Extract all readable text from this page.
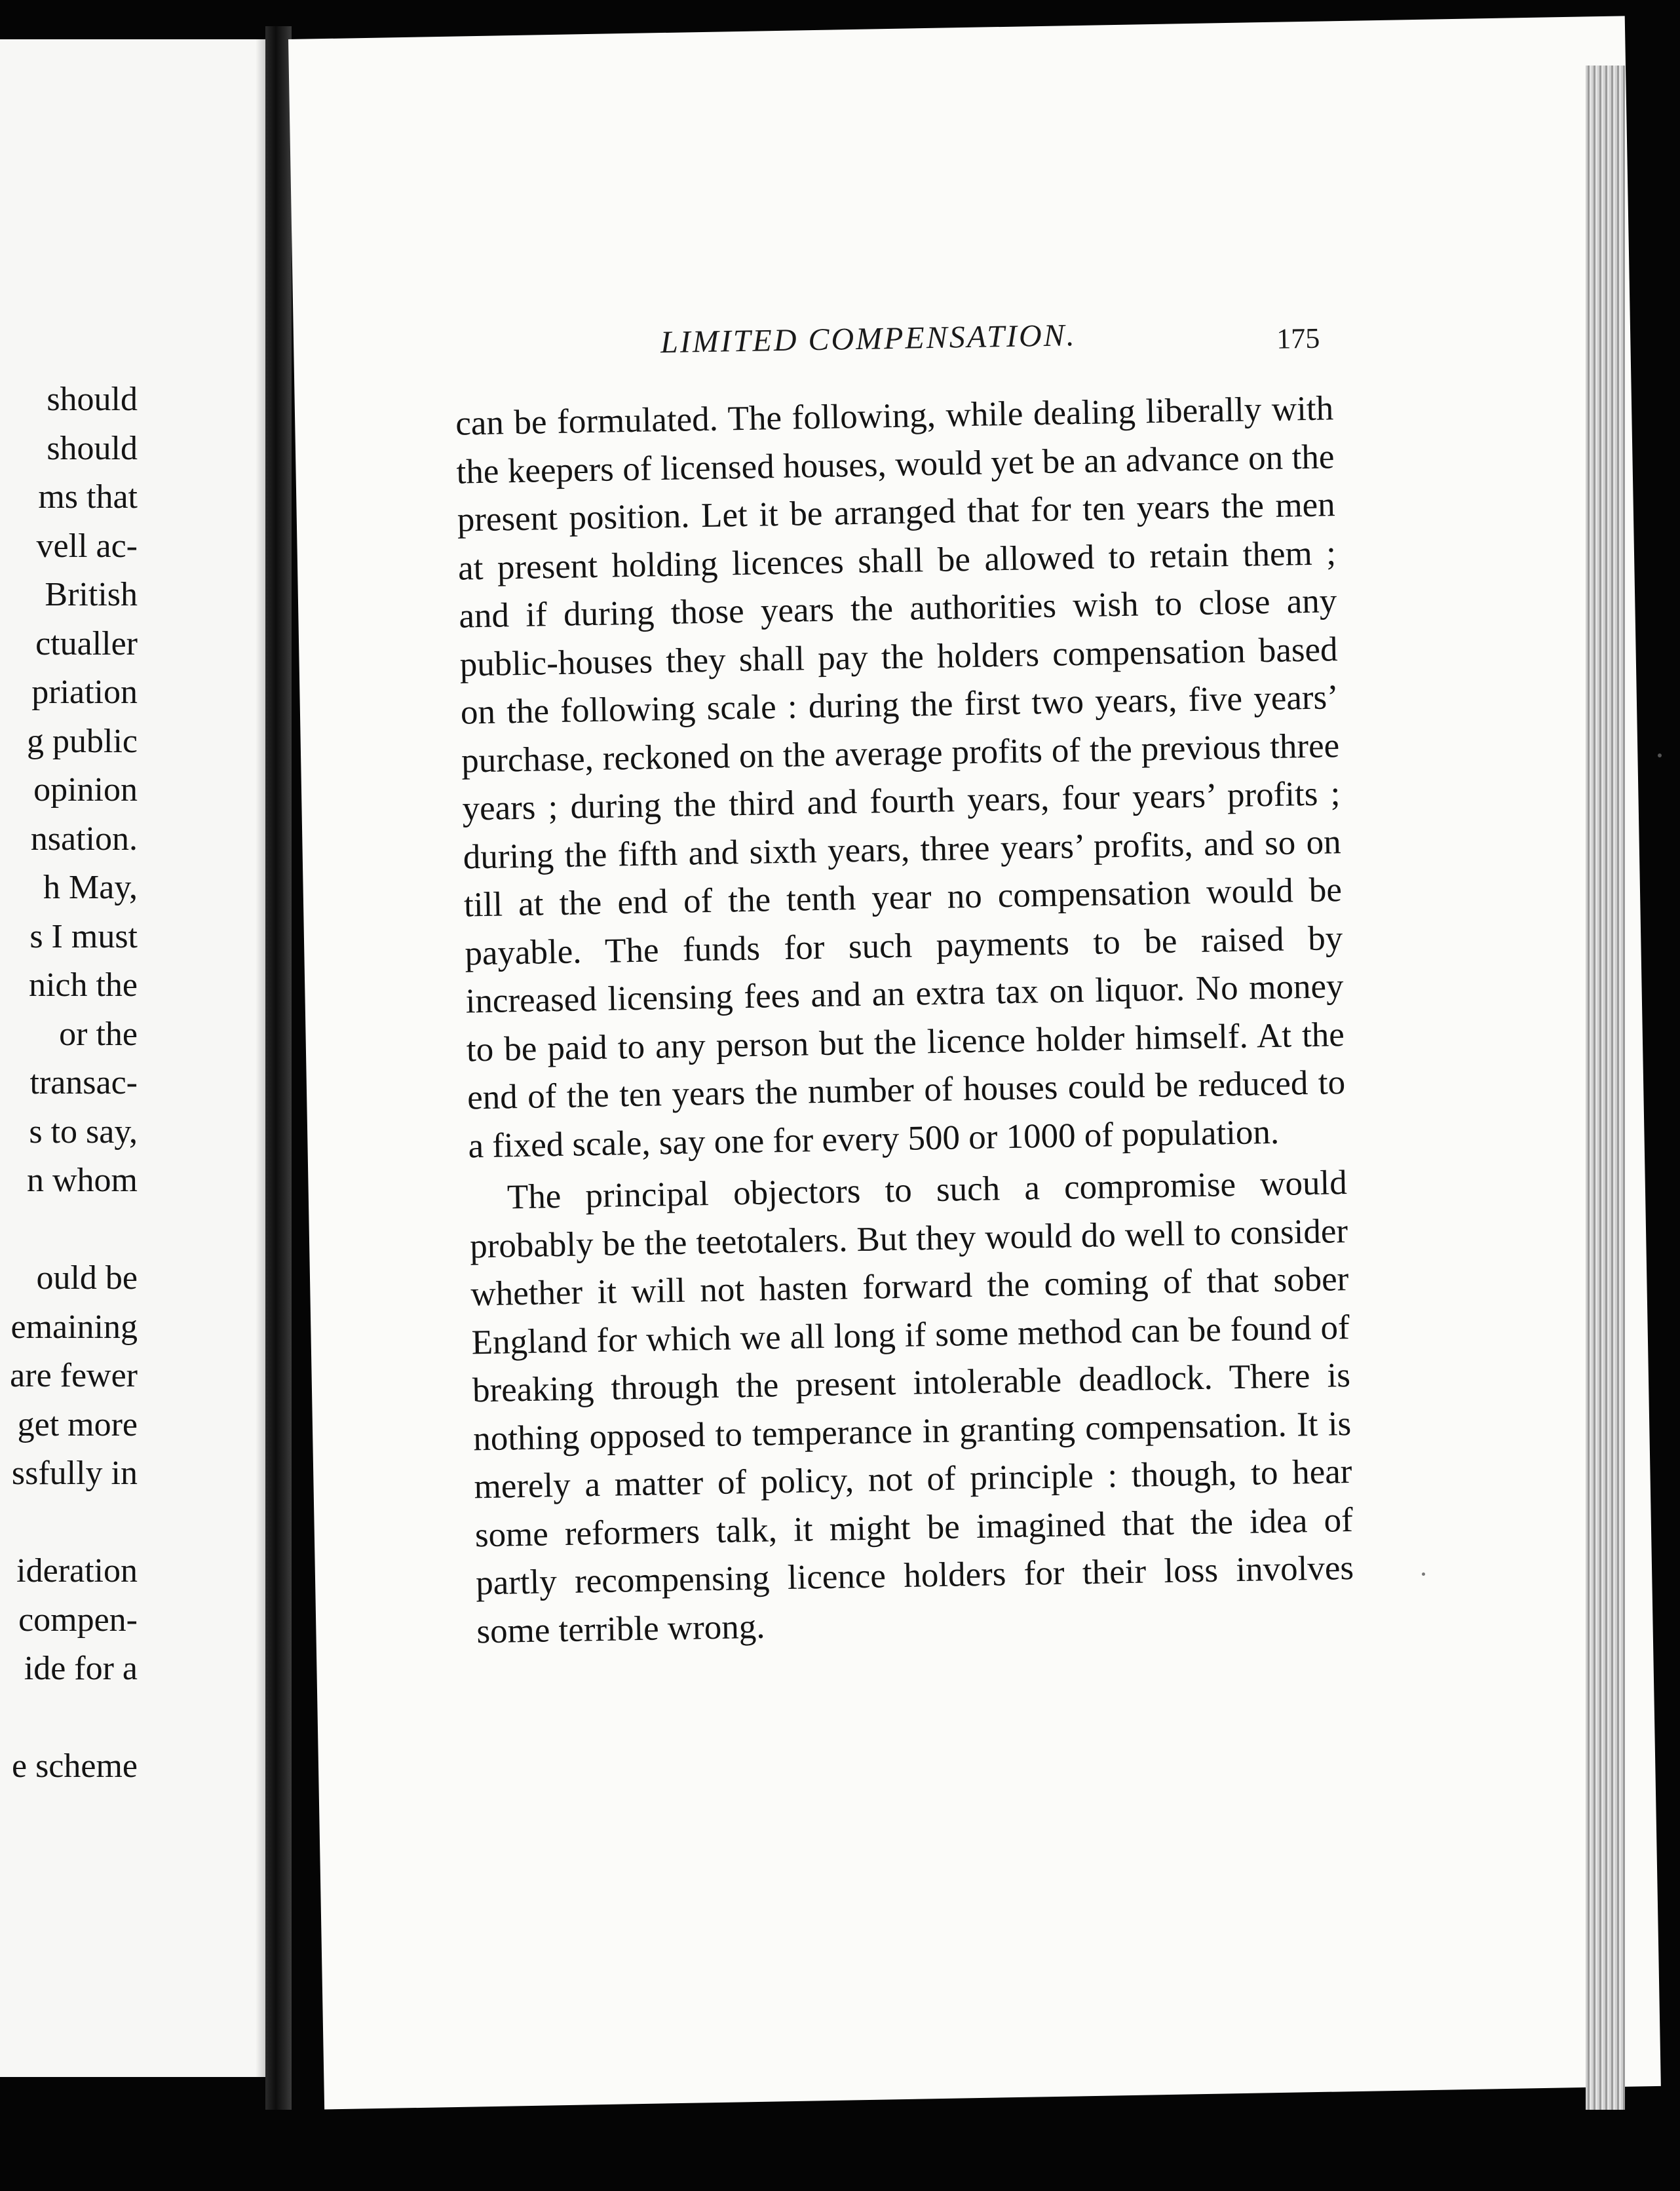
should
should
ms that
vell ac-
British
ctualler
priation
g public
opinion
nsation.
h May,
s I must
nich the
or the
transac-
s to say,
n whom
ould be
emaining
are fewer
get more
ssfully in
ideration
compen-
ide for a
e scheme
LIMITED COMPENSATION.	175

can be formulated. The following, while dealing liberally with the keepers of licensed houses, would yet be an advance on the present position. Let it be arranged that for ten years the men at present holding licences shall be allowed to retain them ; and if during those years the authorities wish to close any public-houses they shall pay the holders compensation based on the following scale : during the first two years, five years’ purchase, reckoned on the average profits of the previous three years ; during the third and fourth years, four years’ profits ; during the fifth and sixth years, three years’ profits, and so on till at the end of the tenth year no compensation would be payable. The funds for such payments to be raised by increased licensing fees and an extra tax on liquor. No money to be paid to any person but the licence holder himself. At the end of the ten years the number of houses could be reduced to a fixed scale, say one for every 500 or 1000 of population.

The principal objectors to such a compromise would probably be the teetotalers. But they would do well to consider whether it will not hasten forward the coming of that sober England for which we all long if some method can be found of breaking through the present intolerable deadlock. There is nothing opposed to temperance in granting compensation. It is merely a matter of policy, not of principle : though, to hear some reformers talk, it might be imagined that the idea of partly recompensing licence holders for their loss involves some terrible wrong.
